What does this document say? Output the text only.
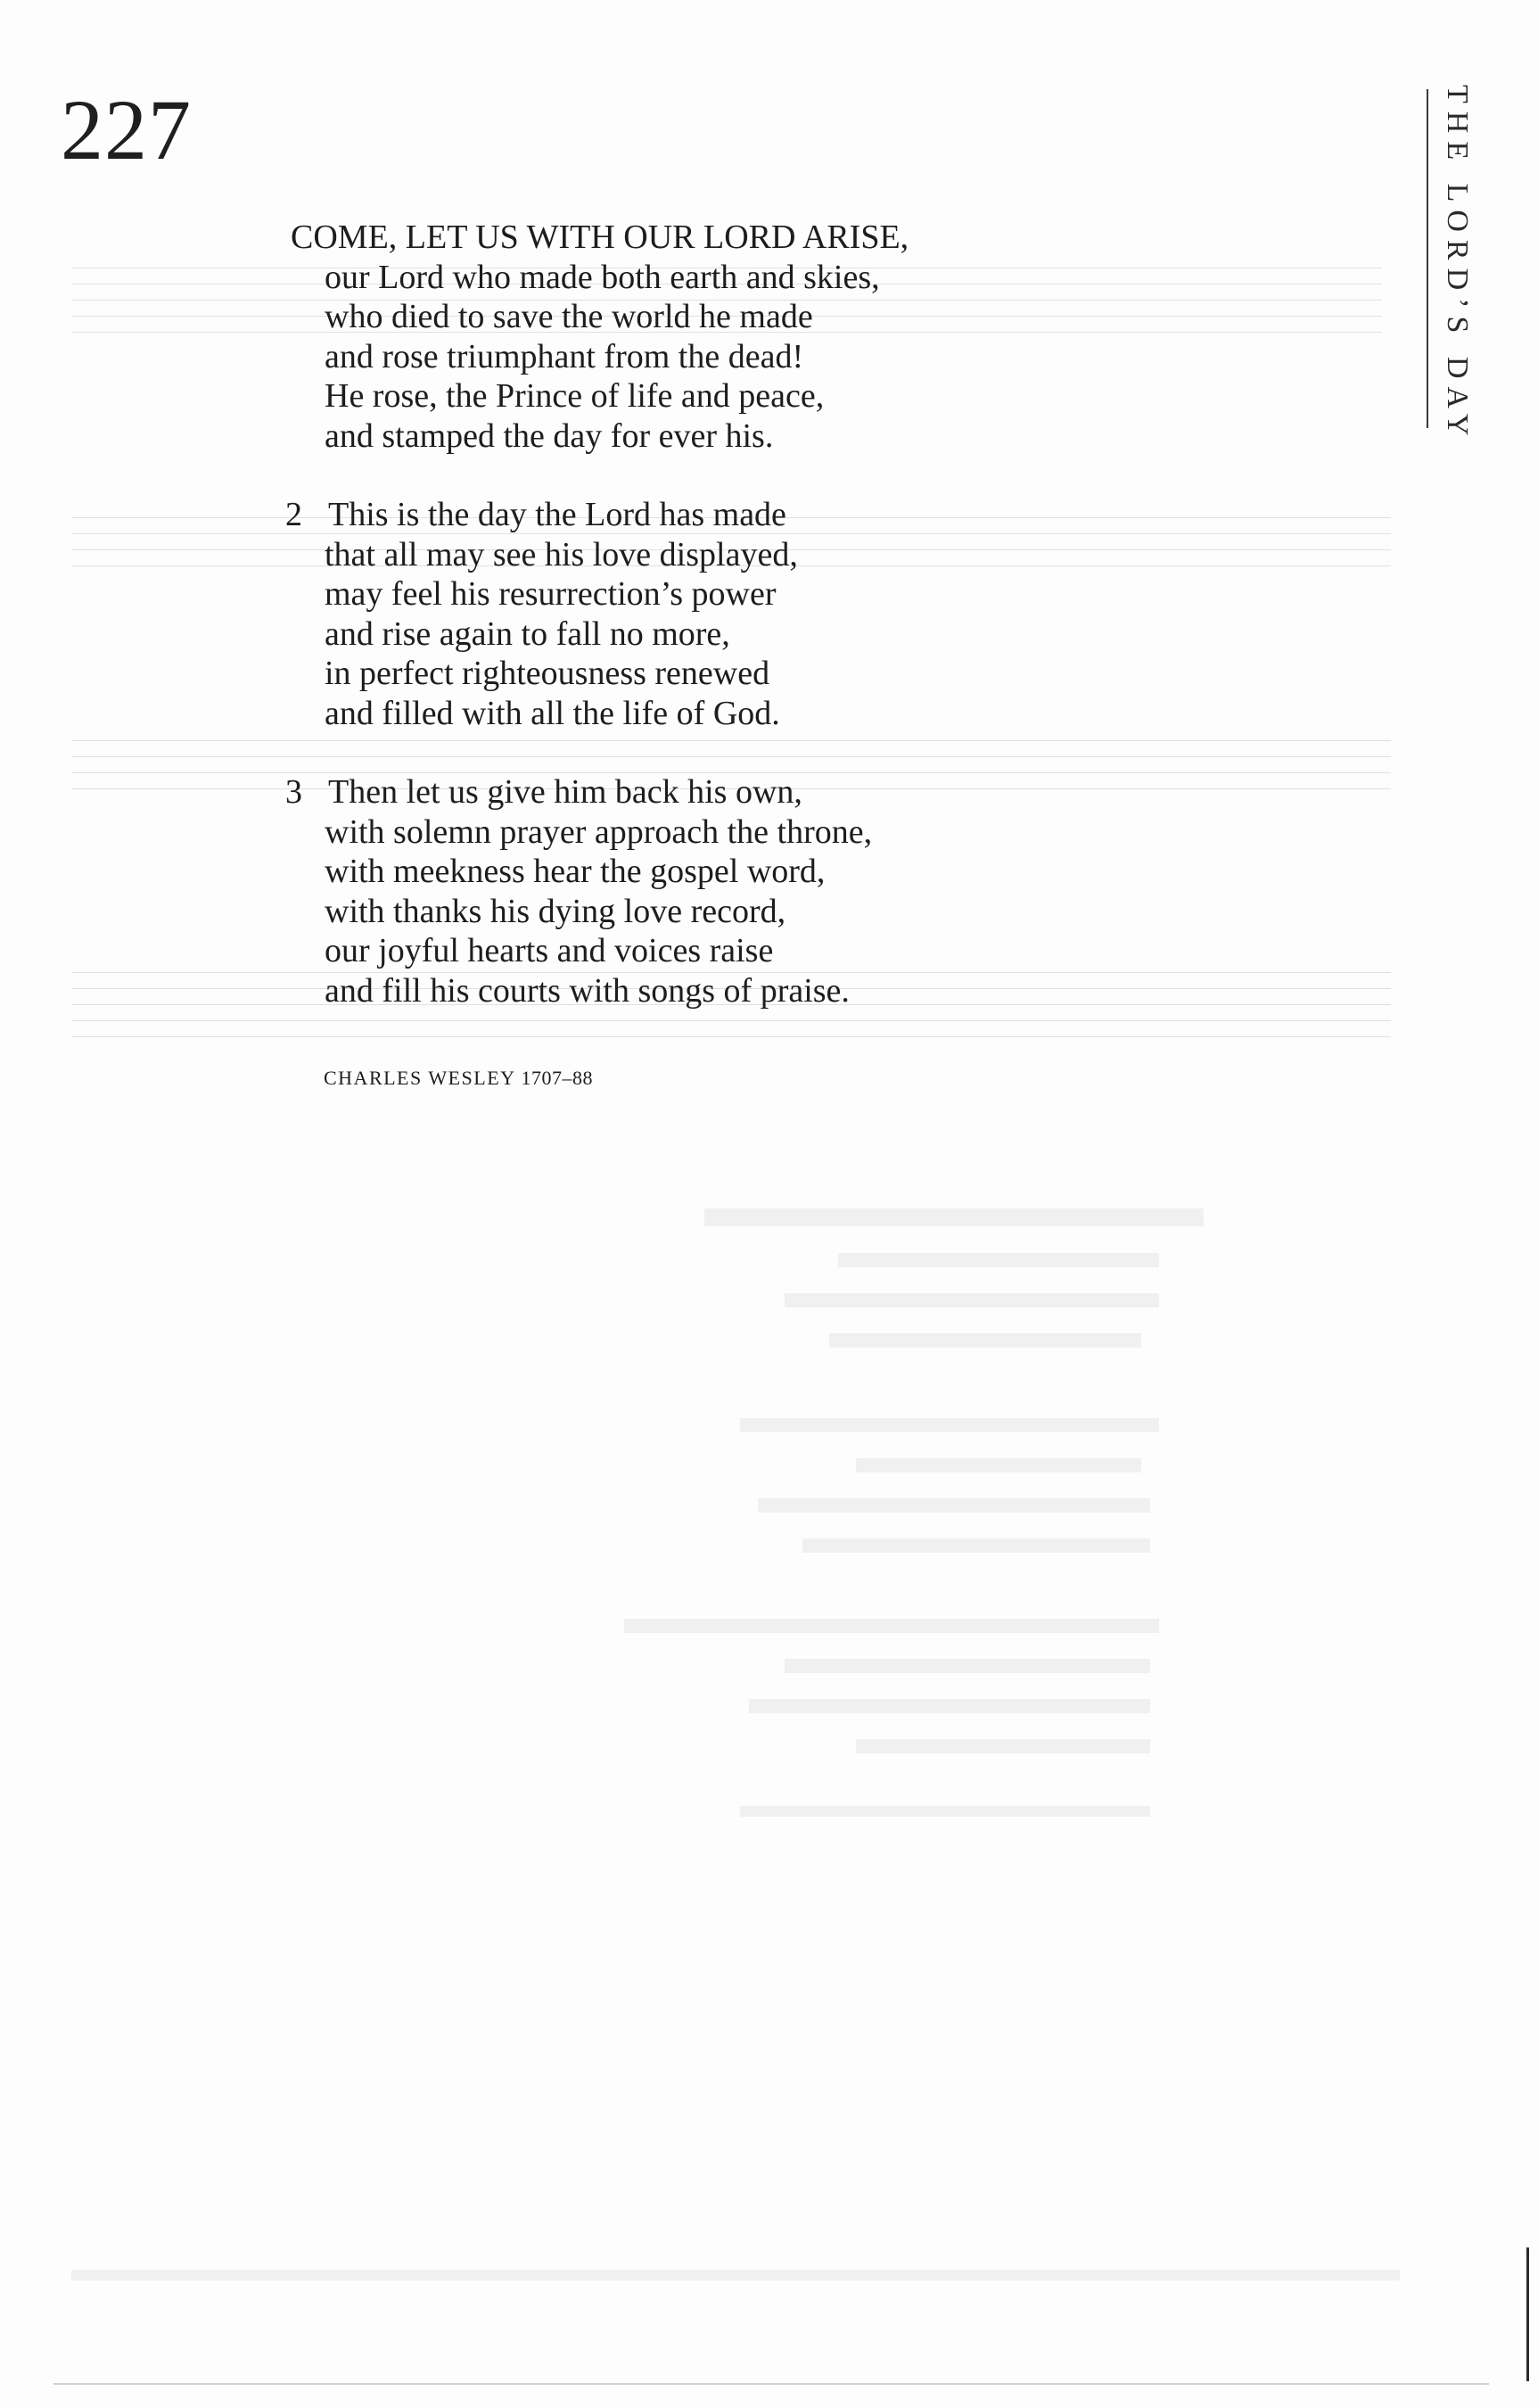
227	THE LORD’S DAY
COME, LET US WITH OUR LORD ARISE,
our Lord who made both earth and skies,
who died to save the world he made
and rose triumphant from the dead!
He rose, the Prince of life and peace,
and stamped the day for ever his.
2 This is the day the Lord has made
that all may see his love displayed,
may feel his resurrection’s power
and rise again to fall no more,
in perfect righteousness renewed
and filled with all the life of God.
3 Then let us give him back his own,
with solemn prayer approach the throne,
with meekness hear the gospel word,
with thanks his dying love record,
our joyful hearts and voices raise
and fill his courts with songs of praise.
CHARLES WESLEY 1707–88
